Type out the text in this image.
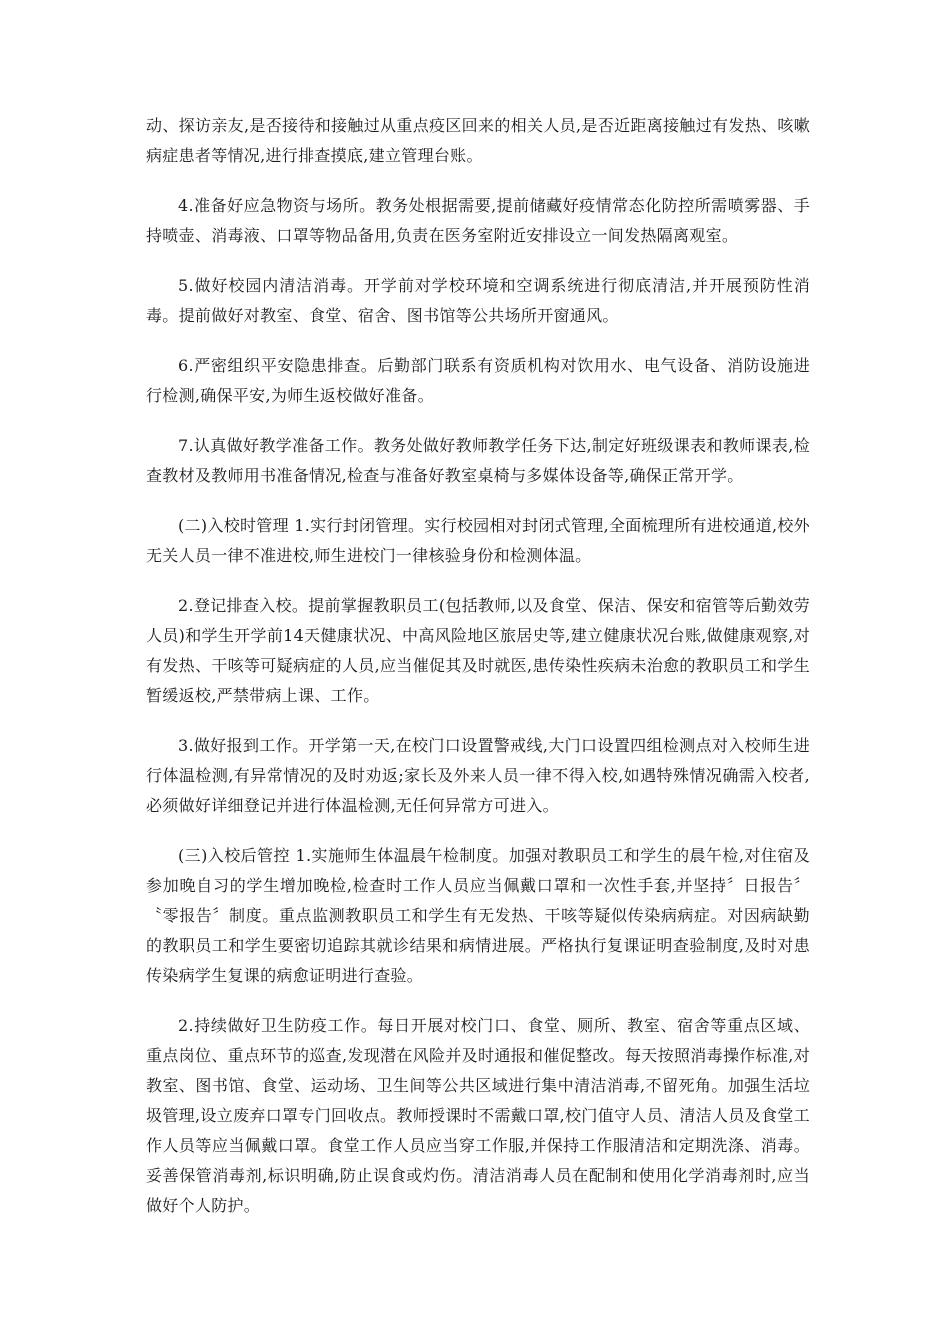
动、探访亲友,是否接待和接触过从重点疫区回来的相关人员,是否近距离接触过有发热、咳嗽病症患者等情况,进行排查摸底,建立管理台账。

4.准备好应急物资与场所。教务处根据需要,提前储藏好疫情常态化防控所需喷雾器、手持喷壶、消毒液、口罩等物品备用,负责在医务室附近安排设立一间发热隔离观室。

5.做好校园内清洁消毒。开学前对学校环境和空调系统进行彻底清洁,并开展预防性消毒。提前做好对教室、食堂、宿舍、图书馆等公共场所开窗通风。

6.严密组织平安隐患排查。后勤部门联系有资质机构对饮用水、电气设备、消防设施进行检测,确保平安,为师生返校做好准备。

7.认真做好教学准备工作。教务处做好教师教学任务下达,制定好班级课表和教师课表,检查教材及教师用书准备情况,检查与准备好教室桌椅与多媒体设备等,确保正常开学。

(二)入校时管理 1.实行封闭管理。实行校园相对封闭式管理,全面梳理所有进校通道,校外无关人员一律不准进校,师生进校门一律核验身份和检测体温。

2.登记排查入校。提前掌握教职员工(包括教师,以及食堂、保洁、保安和宿管等后勤效劳人员)和学生开学前14天健康状况、中高风险地区旅居史等,建立健康状况台账,做健康观察,对有发热、干咳等可疑病症的人员,应当催促其及时就医,患传染性疾病未治愈的教职员工和学生暂缓返校,严禁带病上课、工作。

3.做好报到工作。开学第一天,在校门口设置警戒线,大门口设置四组检测点对入校师生进行体温检测,有异常情况的及时劝返;家长及外来人员一律不得入校,如遇特殊情况确需入校者,必须做好详细登记并进行体温检测,无任何异常方可进入。

(三)入校后管控 1.实施师生体温晨午检制度。加强对教职员工和学生的晨午检,对住宿及参加晚自习的学生增加晚检,检查时工作人员应当佩戴口罩和一次性手套,并坚持〞日报告〞〝零报告〞制度。重点监测教职员工和学生有无发热、干咳等疑似传染病病症。对因病缺勤的教职员工和学生要密切追踪其就诊结果和病情进展。严格执行复课证明查验制度,及时对患传染病学生复课的病愈证明进行查验。

2.持续做好卫生防疫工作。每日开展对校门口、食堂、厕所、教室、宿舍等重点区域、重点岗位、重点环节的巡查,发现潜在风险并及时通报和催促整改。每天按照消毒操作标准,对教室、图书馆、食堂、运动场、卫生间等公共区域进行集中清洁消毒,不留死角。加强生活垃圾管理,设立废弃口罩专门回收点。教师授课时不需戴口罩,校门值守人员、清洁人员及食堂工作人员等应当佩戴口罩。食堂工作人员应当穿工作服,并保持工作服清洁和定期洗涤、消毒。妥善保管消毒剂,标识明确,防止误食或灼伤。清洁消毒人员在配制和使用化学消毒剂时,应当做好个人防护。
